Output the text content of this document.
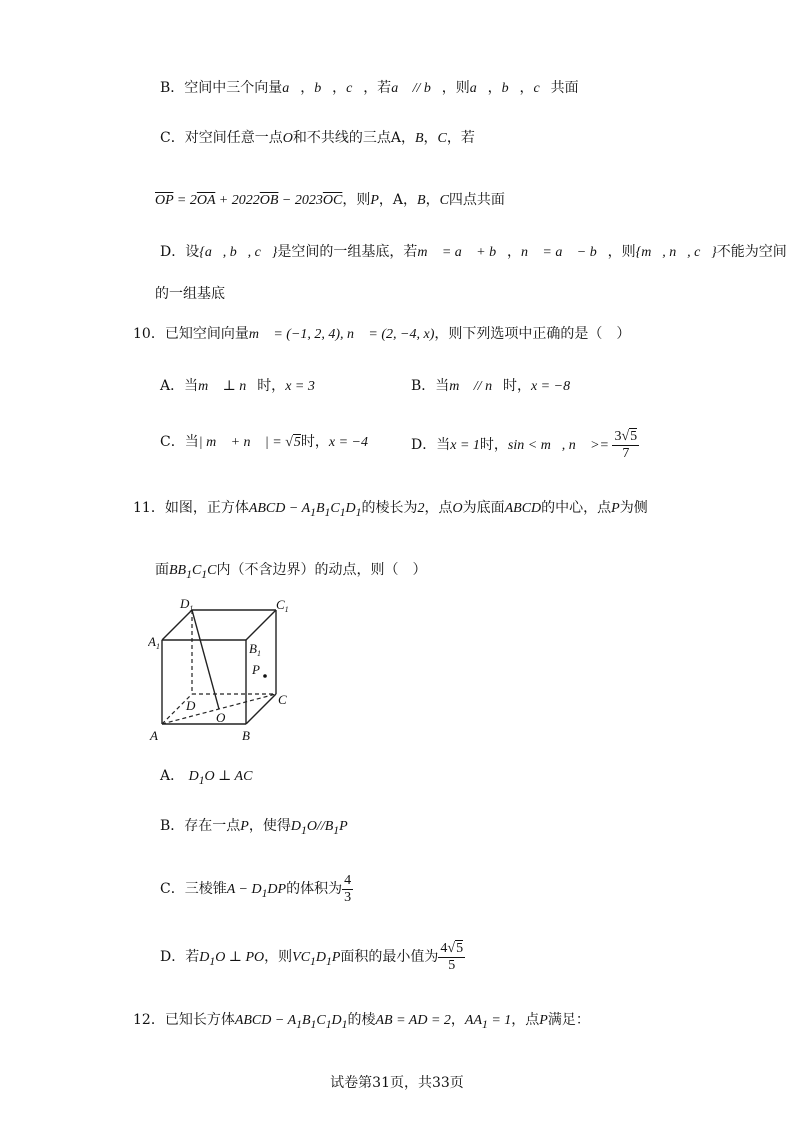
B．空间中三个向量a⃗，b⃗，c⃗，若a⃗ // b⃗，则a⃗，b⃗，c⃗共面
C．对空间任意一点O和不共线的三点A，B，C，若
$\overline{OP} = 2\overline{OA} + 2022\overline{OB} - 2023\overline{OC}$，则P，A，B，C四点共面
D．设{a⃗, b⃗, c⃗}是空间的一组基底，若m⃗ = a⃗ + b⃗，n⃗ = a⃗ − b⃗，则{m⃗, n⃗, c⃗}不能为空间
的一组基底
10．已知空间向量m⃗ = (−1, 2, 4), n⃗ = (2, −4, x)，则下列选项中正确的是（　）
A．当m⃗ ⊥ n⃗时，x = 3	B．当m⃗ // n⃗时，x = −8
C．当| m⃗ + n⃗ | = √5时，x = −4	D．当x = 1时，sin < m⃗, n⃗ >= $\frac{3√5}{7}$
11．如图，正方体ABCD − $A_1B_1C_1D_1$的棱长为2，点O为底面ABCD的中心，点P为侧
面$BB_1C_1C$内（不含边界）的动点，则（　）
$D_1$	$C_1$
$A_1$	$B_1$
P
C
D
O
A	B
A． $D_1O$ ⊥ AC
B．存在一点P，使得$D_1O//B_1P$
C．三棱锥$A - D_1DP$的体积为 $\frac{4}{3}$
D．若$D_1O$ ⊥ PO，则$VC_1D_1P$面积的最小值为 $\frac{4√5}{5}$
12．已知长方体ABCD − $A_1B_1C_1D_1$的棱AB = AD = 2，$AA_1 = 1$，点P满足：
试卷第31页，共33页
